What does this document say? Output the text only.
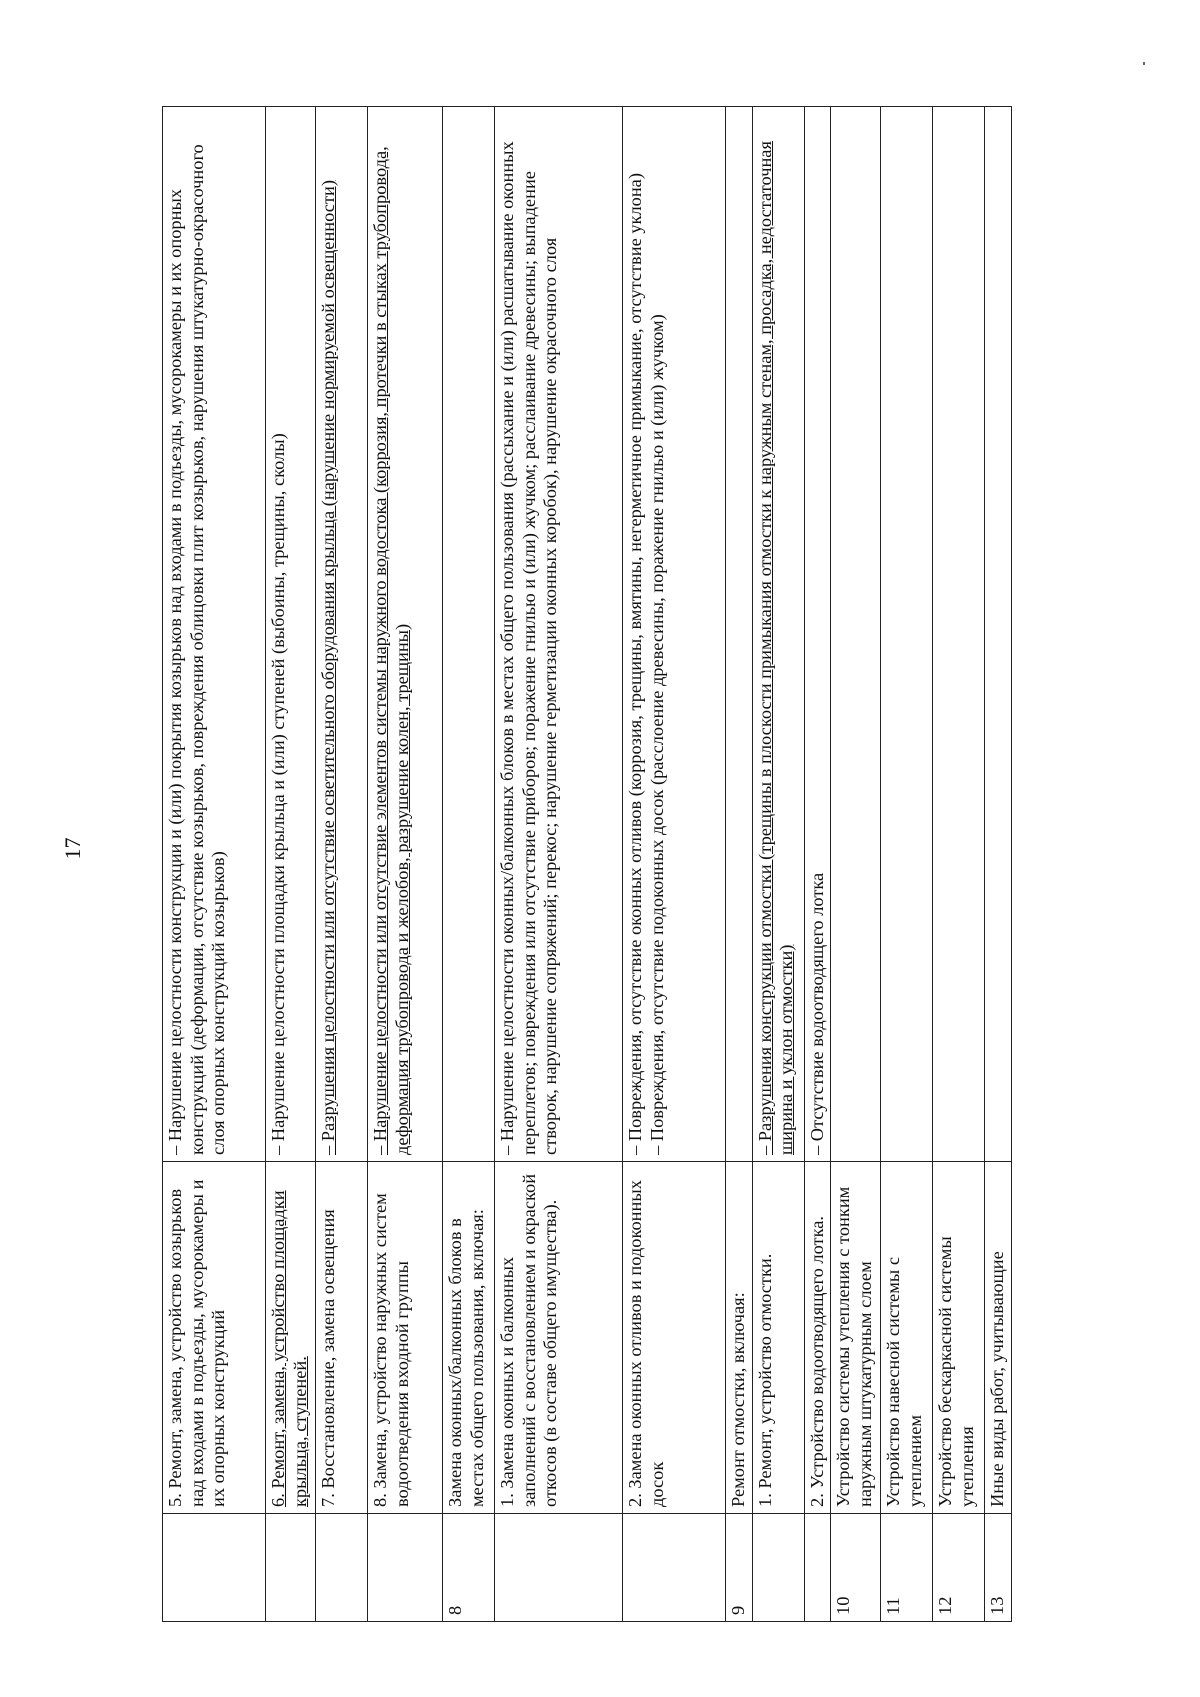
17
	5. Ремонт, замена, устройство козырьков над входами в подъезды, мусорокамеры и их опорных конструкций	– Нарушение целостности конструкции и (или) покрытия козырьков над входами в подъезды, мусорокамеры и их опорных конструкций (деформации, отсутствие козырьков, повреждения облицовки плит козырьков, нарушения штукатурно-окрасочного слоя опорных конструкций козырьков)
	6. Ремонт, замена, устройство площадки крыльца, ступеней.	– Нарушение целостности площадки крыльца и (или) ступеней (выбоины, трещины, сколы)
	7. Восстановление, замена освещения	– Разрушения целостности или отсутствие осветительного оборудования крыльца (нарушение нормируемой освещенности)
	8. Замена, устройство наружных систем водоотведения входной группы	– Нарушение целостности или отсутствие элементов системы наружного водостока (коррозия, протечки в стыках трубопровода, деформация трубопровода и желобов, разрушение колен, трещины)
8	Замена оконных/балконных блоков в местах общего пользования, включая:	
	1. Замена оконных и балконных заполнений с восстановлением и окраской откосов (в составе общего имущества).	– Нарушение целостности оконных/балконных блоков в местах общего пользования (рассыхание и (или) расшатывание оконных переплетов; повреждения или отсутствие приборов; поражение гнилью и (или) жучком; расслаивание древесины; выпадение створок, нарушение сопряжений; перекос; нарушение герметизации оконных коробок), нарушение окрасочного слоя
	2. Замена оконных отливов и подоконных досок	– Повреждения, отсутствие оконных отливов (коррозия, трещины, вмятины, негерметичное примыкание, отсутствие уклона)
– Повреждения, отсутствие подоконных досок (расслоение древесины, поражение гнилью и (или) жучком)
9	Ремонт отмостки, включая:	
	1. Ремонт, устройство отмостки.	– Разрушения конструкции отмостки (трещины в плоскости примыкания отмостки к наружным стенам, просадка, недостаточная ширина и уклон отмостки)
	2. Устройство водоотводящего лотка.	– Отсутствие водоотводящего лотка
10	Устройство системы утепления с тонким наружным штукатурным слоем	
11	Устройство навесной системы с утеплением	
12	Устройство бескаркасной системы утепления	
13	Иные виды работ, учитывающие	
